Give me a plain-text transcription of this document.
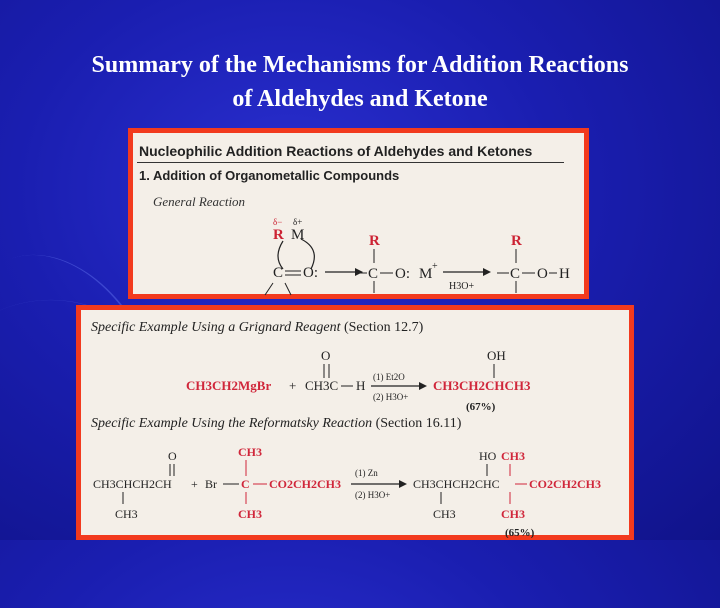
Summary of the Mechanisms for Addition Reactions
of Aldehydes and Ketone
Nucleophilic Addition Reactions of Aldehydes and Ketones
1. Addition of Organometallic Compounds
General Reaction
δ− δ+
R M
C O:
R
C O: M +
H3O+
R
C O H
Specific Example Using a Grignard Reagent (Section 12.7)
CH3CH2MgBr + CH3C
O
H
(1) Et2O
(2) H3O+
CH3CH2CHCH3
OH
(67%)
Specific Example Using the Reformatsky Reaction (Section 16.11)
CH3CHCH2CH
O
CH3
+ Br C CO2CH2CH3
CH3
CH3
(1) Zn
(2) H3O+
CH3CHCH2CHC
HO CH3
CO2CH2CH3
CH3	CH3
(65%)
